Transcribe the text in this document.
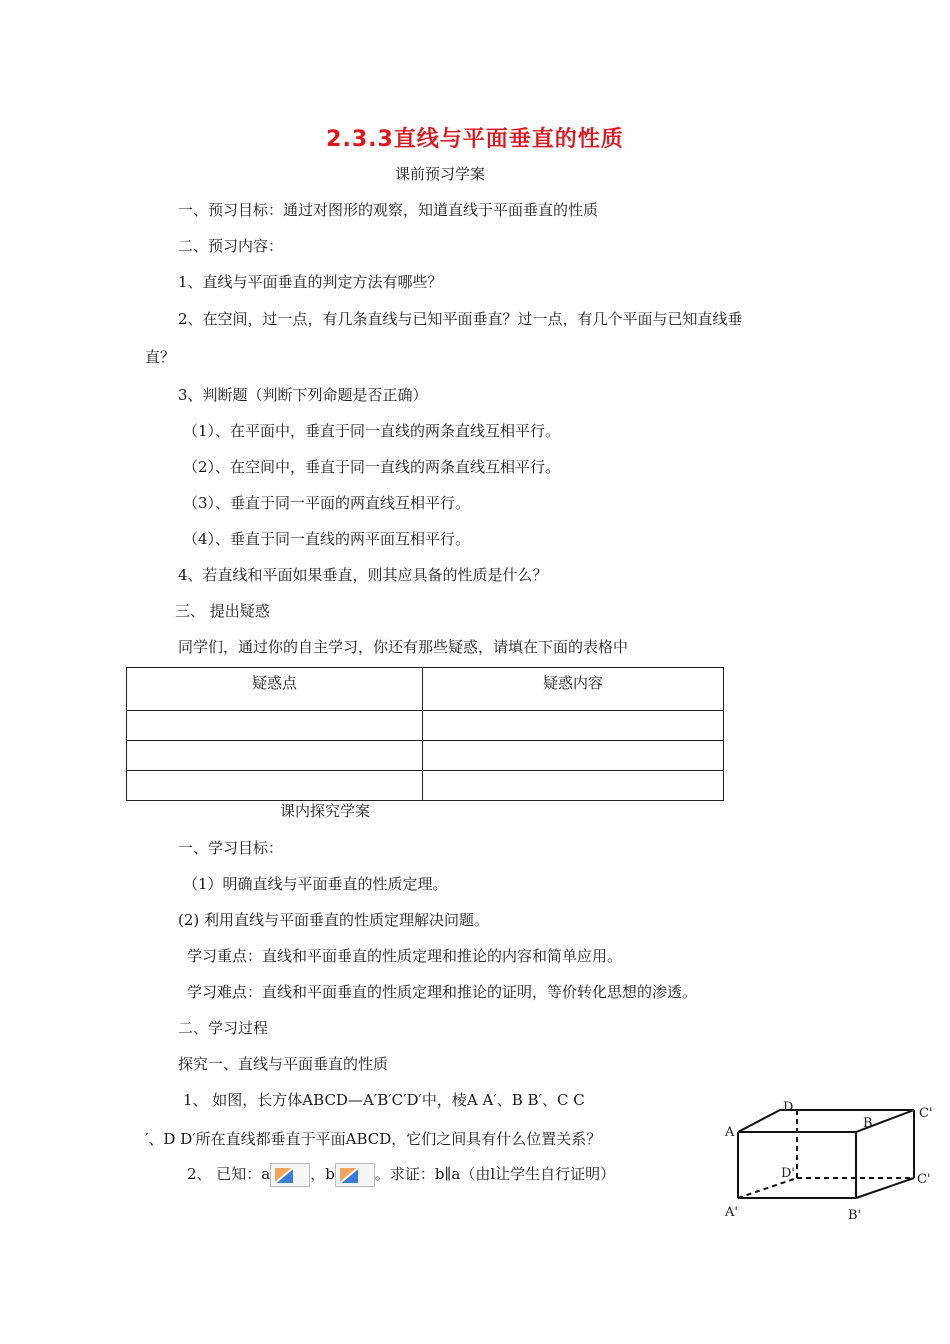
2.3.3直线与平面垂直的性质
课前预习学案
一、预习目标：通过对图形的观察，知道直线于平面垂直的性质
二、预习内容：
1、直线与平面垂直的判定方法有哪些？
2、在空间，过一点，有几条直线与已知平面垂直？过一点，有几个平面与已知直线垂
直？
3、判断题（判断下列命题是否正确）
（1）、在平面中，垂直于同一直线的两条直线互相平行。
（2）、在空间中，垂直于同一直线的两条直线互相平行。
（3）、垂直于同一平面的两直线互相平行。
（4）、垂直于同一直线的两平面互相平行。
4、若直线和平面如果垂直，则其应具备的性质是什么？
三、 提出疑惑
同学们，通过你的自主学习，你还有那些疑惑，请填在下面的表格中
疑惑点	疑惑内容

课内探究学案
一、学习目标：
（1）明确直线与平面垂直的性质定理。
(2) 利用直线与平面垂直的性质定理解决问题。
学习重点：直线和平面垂直的性质定理和推论的内容和简单应用。
学习难点：直线和平面垂直的性质定理和推论的证明，等价转化思想的渗透。
二、学习过程
探究一、直线与平面垂直的性质
1、 如图，长方体ABCD—A′B′C′D′中，棱A A′、B B′、C C
′、D D′所在直线都垂直于平面ABCD，它们之间具有什么位置关系？
2、 已知：a	，b	。求证：b∥a（由l让学生自行证明）
A
D
B
C'
D'	C'
A'	B'
